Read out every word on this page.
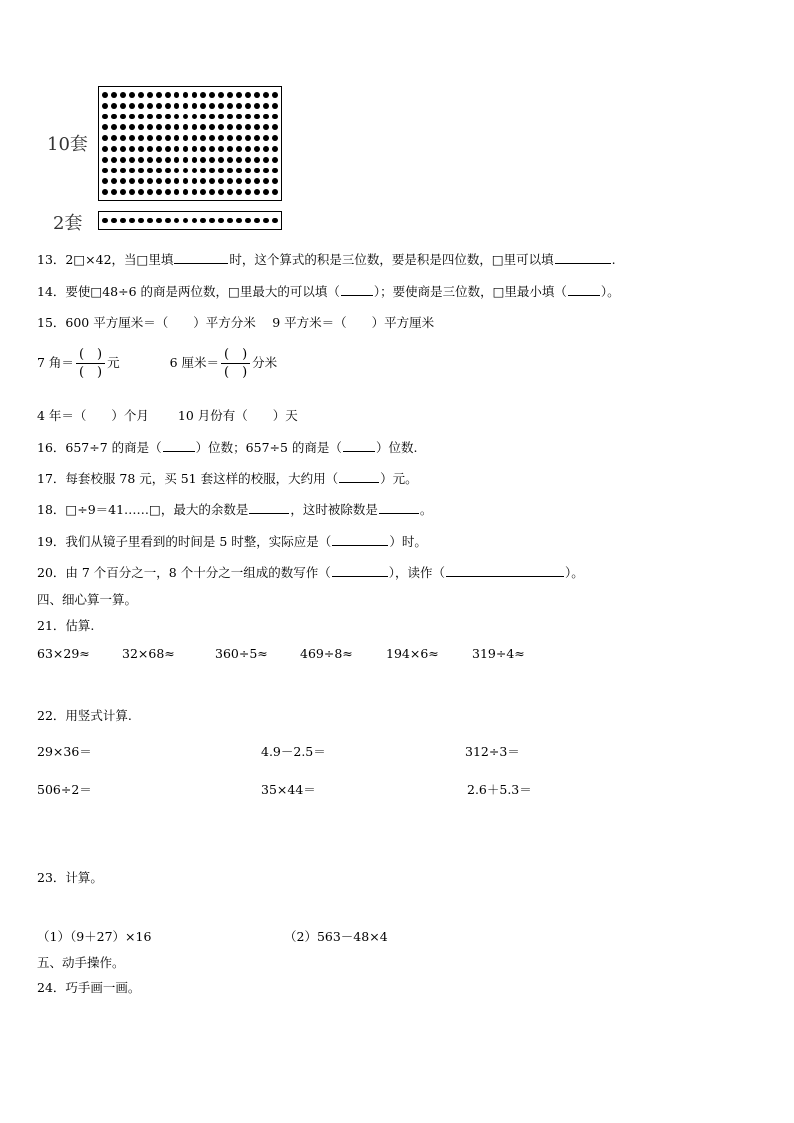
10套
2套
13．2□×42，当□里填	时，这个算式的积是三位数，要是积是四位数，□里可以填	.
14．要使□48÷6 的商是两位数，□里最大的可以填（	）；要使商是三位数，□里最小填（	）。
15．600 平方厘米＝（　　）平方分米　 9 平方米＝（　　）平方厘米
7 角＝ $\frac{( )}{( )}$ 元	6 厘米＝ $\frac{( )}{( )}$ 分米
4 年＝（　　）个月　　 10 月份有（　　）天
16．657÷7 的商是（	）位数；657÷5 的商是（	）位数.
17．每套校服 78 元，买 51 套这样的校服，大约用（	）元。
18．□÷9＝41……□，最大的余数是	，这时被除数是	。
19．我们从镜子里看到的时间是 5 时整，实际应是（	）时。
20．由 7 个百分之一，8 个十分之一组成的数写作（	），读作（	）。
四、细心算一算。
21．估算.
63×29≈	32×68≈	360÷5≈	469÷8≈	194×6≈	319÷4≈
22．用竖式计算.
29×36＝	4.9－2.5＝	312÷3＝
506÷2＝	35×44＝	2.6＋5.3＝
23．计算。
（1）（9＋27）×16	（2）563－48×4
五、动手操作。
24．巧手画一画。
